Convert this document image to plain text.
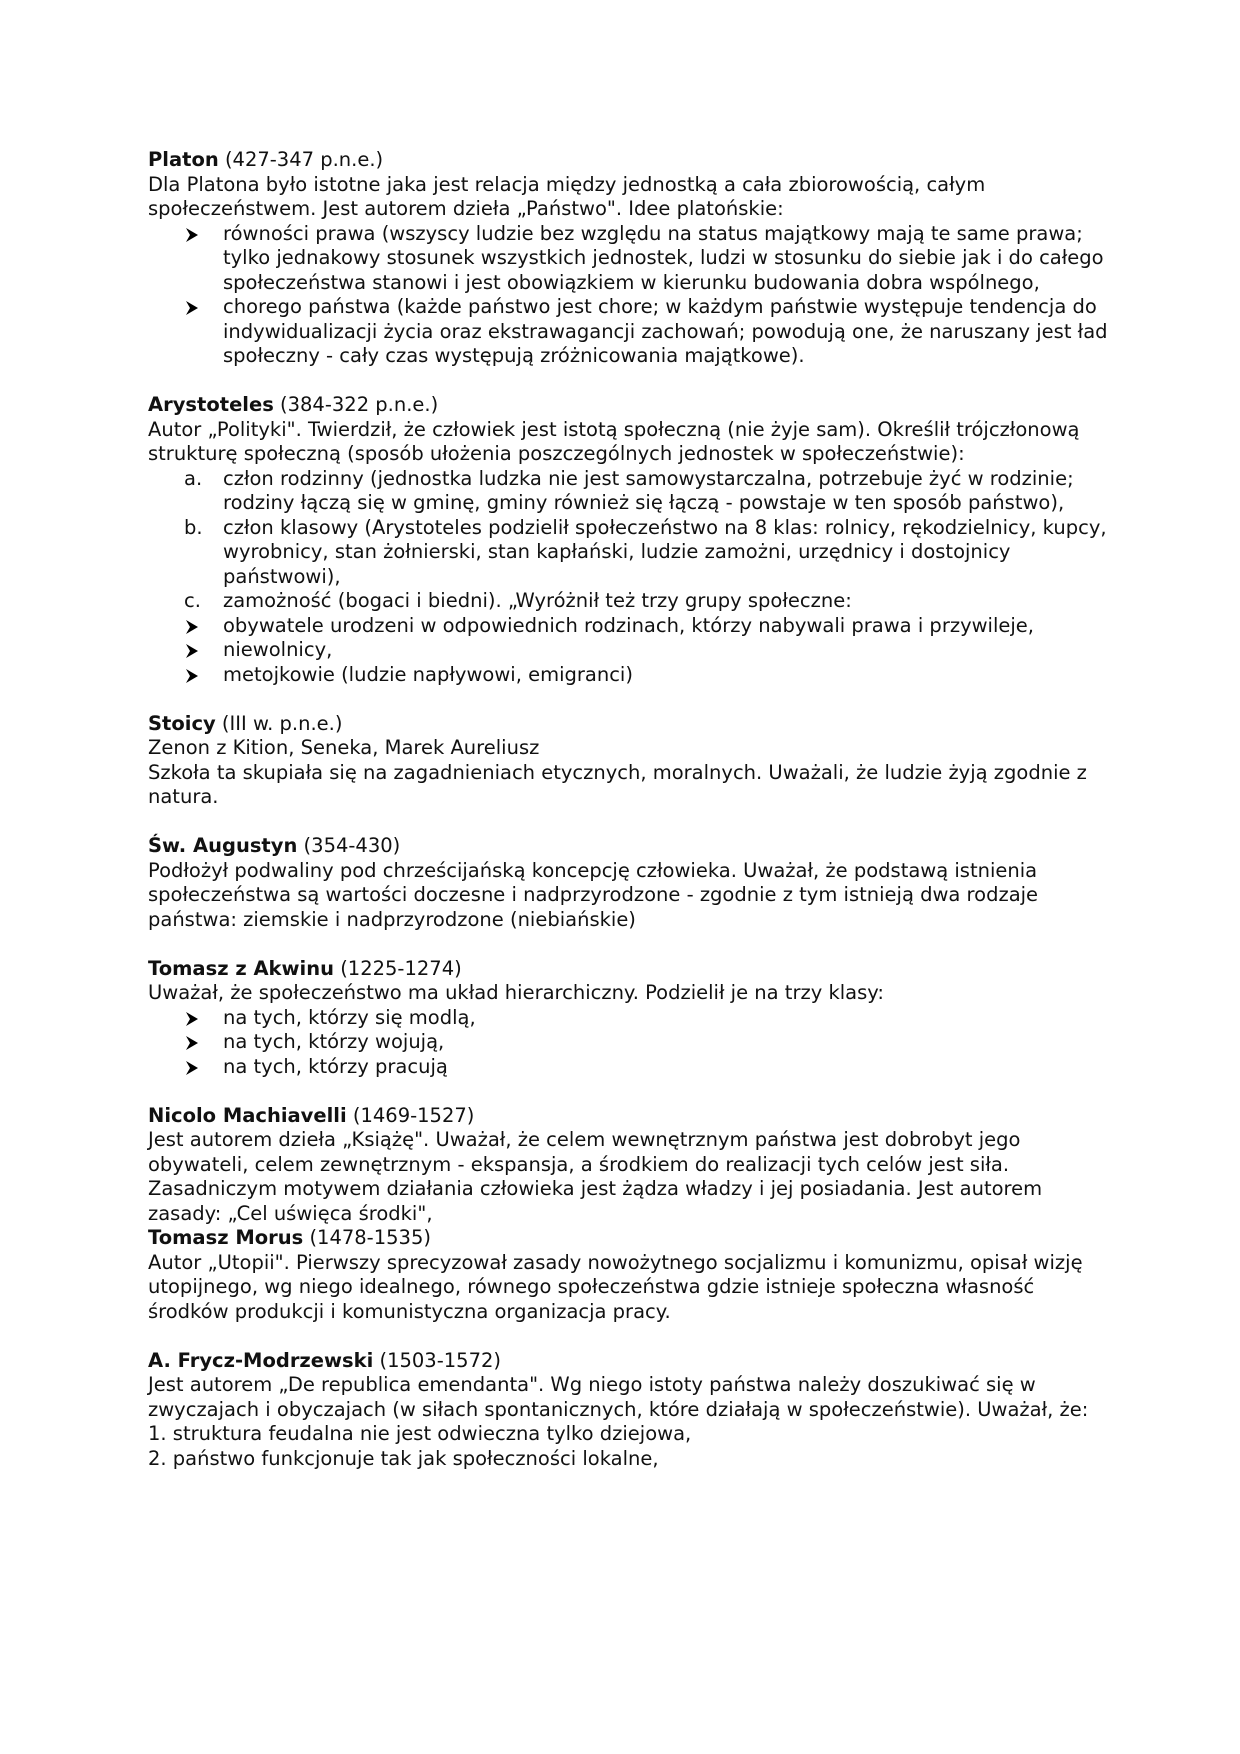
Platon (427-347 p.n.e.)

Dla Platona było istotne jaka jest relacja między jednostką a cała zbiorowością, całym społeczeństwem. Jest autorem dzieła „Państwo". Idee platońskie:

równości prawa (wszyscy ludzie bez względu na status majątkowy mają te same prawa; tylko jednakowy stosunek wszystkich jednostek, ludzi w stosunku do siebie jak i do całego społeczeństwa stanowi i jest obowiązkiem w kierunku budowania dobra wspólnego,
chorego państwa (każde państwo jest chore; w każdym państwie występuje tendencja do indywidualizacji życia oraz ekstrawagancji zachowań; powodują one, że naruszany jest ład społeczny - cały czas występują zróżnicowania majątkowe).
Arystoteles (384-322 p.n.e.)

Autor „Polityki". Twierdził, że człowiek jest istotą społeczną (nie żyje sam). Określił trójczłonową strukturę społeczną (sposób ułożenia poszczególnych jednostek w społeczeństwie):

a.	człon rodzinny (jednostka ludzka nie jest samowystarczalna, potrzebuje żyć w rodzinie; rodziny łączą się w gminę, gminy również się łączą - powstaje w ten sposób państwo),
b.	człon klasowy (Arystoteles podzielił społeczeństwo na 8 klas: rolnicy, rękodzielnicy, kupcy, wyrobnicy, stan żołnierski, stan kapłański, ludzie zamożni, urzędnicy i dostojnicy państwowi),
c.	zamożność (bogaci i biedni). „Wyróżnił też trzy grupy społeczne:
obywatele urodzeni w odpowiednich rodzinach, którzy nabywali prawa i przywileje,
niewolnicy,
metojkowie (ludzie napływowi, emigranci)
Stoicy (III w. p.n.e.)

Zenon z Kition, Seneka, Marek Aureliusz

Szkoła ta skupiała się na zagadnieniach etycznych, moralnych. Uważali, że ludzie żyją zgodnie z natura.

Św. Augustyn (354-430)

Podłożył podwaliny pod chrześcijańską koncepcję człowieka. Uważał, że podstawą istnienia społeczeństwa są wartości doczesne i nadprzyrodzone - zgodnie z tym istnieją dwa rodzaje państwa: ziemskie i nadprzyrodzone (niebiańskie)

Tomasz z Akwinu (1225-1274)

Uważał, że społeczeństwo ma układ hierarchiczny. Podzielił je na trzy klasy:

na tych, którzy się modlą,
na tych, którzy wojują,
na tych, którzy pracują
Nicolo Machiavelli (1469-1527)

Jest autorem dzieła „Książę". Uważał, że celem wewnętrznym państwa jest dobrobyt jego obywateli, celem zewnętrznym - ekspansja, a środkiem do realizacji tych celów jest siła. Zasadniczym motywem działania człowieka jest żądza władzy i jej posiadania. Jest autorem zasady: „Cel uświęca środki",

Tomasz Morus (1478-1535)

Autor „Utopii". Pierwszy sprecyzował zasady nowożytnego socjalizmu i komunizmu, opisał wizję utopijnego, wg niego idealnego, równego społeczeństwa gdzie istnieje społeczna własność środków produkcji i komunistyczna organizacja pracy.

A. Frycz-Modrzewski (1503-1572)

Jest autorem „De republica emendanta". Wg niego istoty państwa należy doszukiwać się w zwyczajach i obyczajach (w siłach spontanicznych, które działają w społeczeństwie). Uważał, że:

1. struktura feudalna nie jest odwieczna tylko dziejowa,
2. państwo funkcjonuje tak jak społeczności lokalne,
